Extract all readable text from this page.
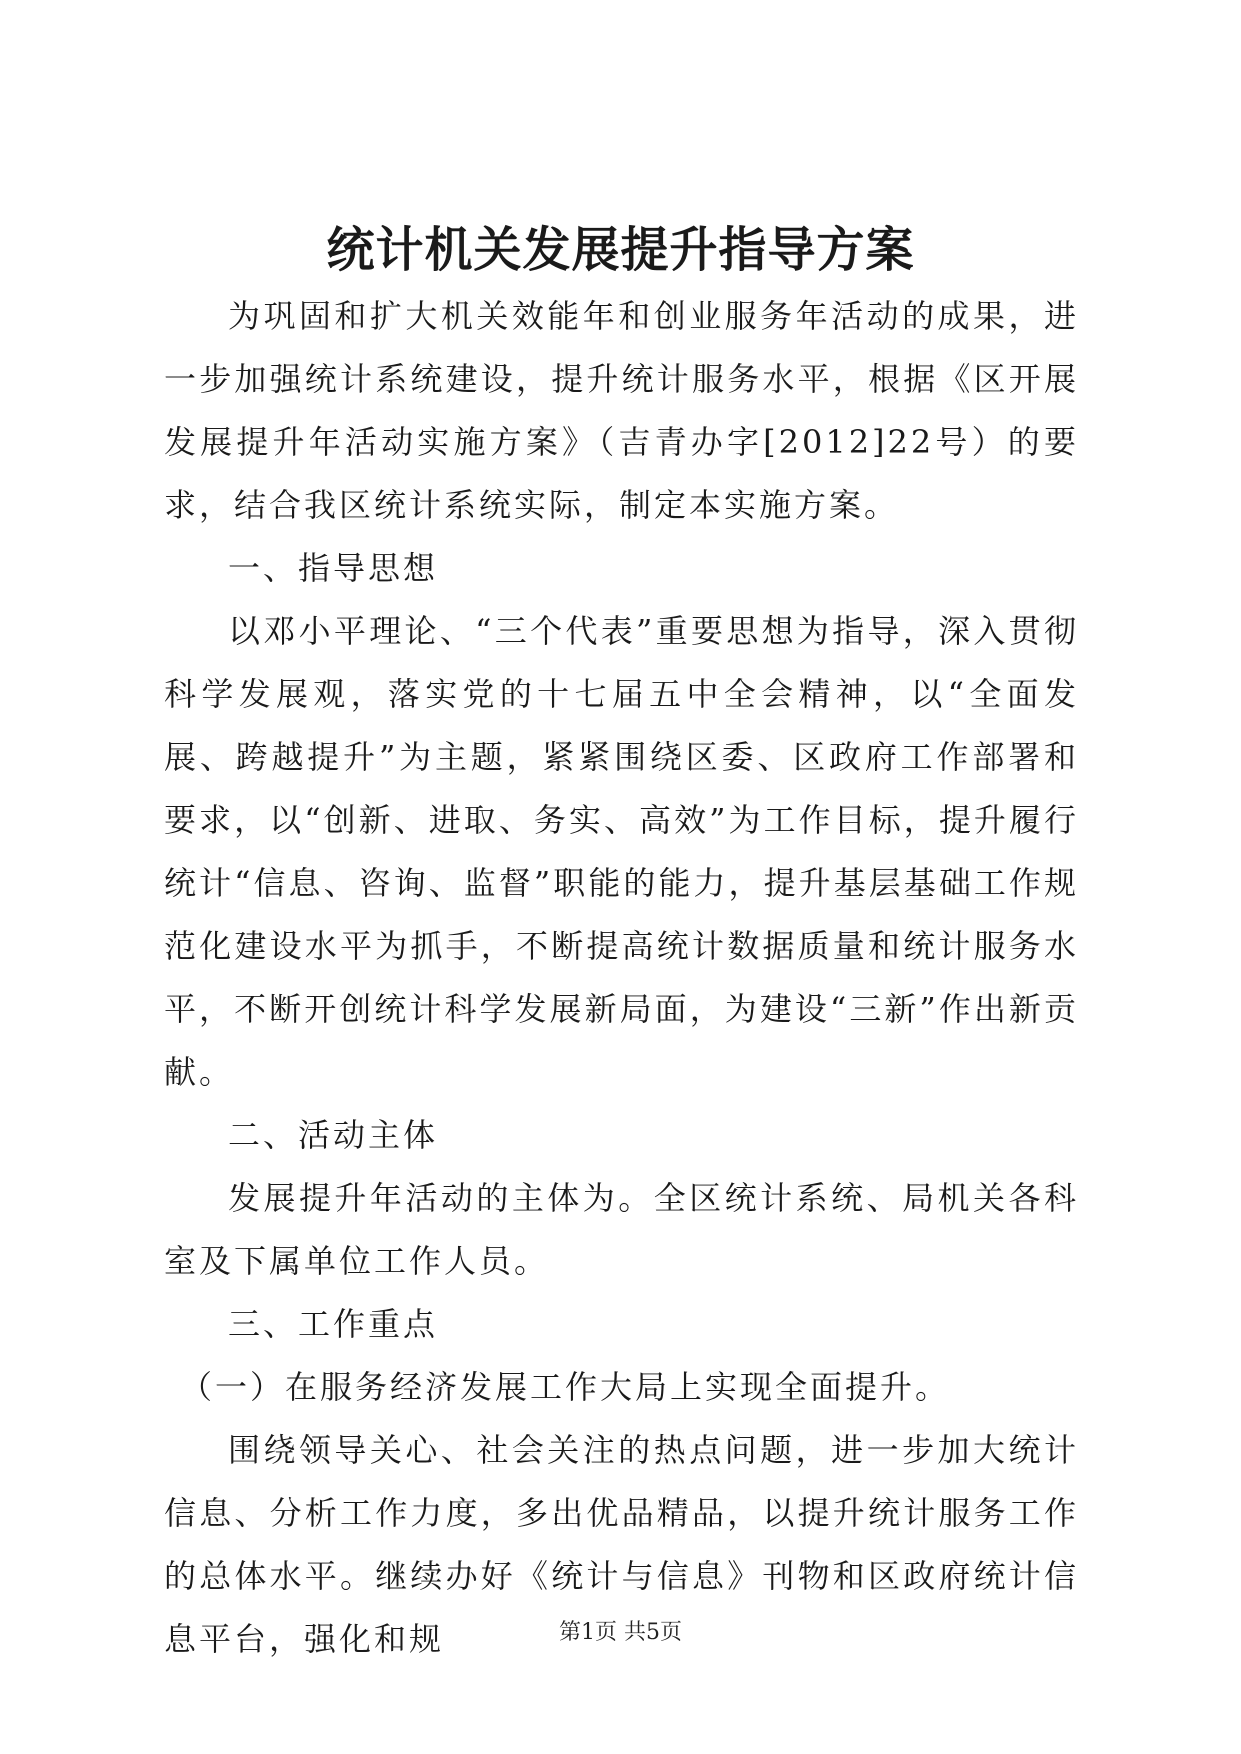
统计机关发展提升指导方案

为巩固和扩大机关效能年和创业服务年活动的成果，进一步加强统计系统建设，提升统计服务水平，根据《区开展发展提升年活动实施方案》（吉青办字[2012]22号）的要求，结合我区统计系统实际，制定本实施方案。

一、指导思想

以邓小平理论、“三个代表”重要思想为指导，深入贯彻科学发展观，落实党的十七届五中全会精神，以“全面发展、跨越提升”为主题，紧紧围绕区委、区政府工作部署和要求，以“创新、进取、务实、高效”为工作目标，提升履行统计“信息、咨询、监督”职能的能力，提升基层基础工作规范化建设水平为抓手，不断提高统计数据质量和统计服务水平，不断开创统计科学发展新局面，为建设“三新”作出新贡献。

二、活动主体

发展提升年活动的主体为。全区统计系统、局机关各科室及下属单位工作人员。

三、工作重点

（一）在服务经济发展工作大局上实现全面提升。

围绕领导关心、社会关注的热点问题，进一步加大统计信息、分析工作力度，多出优品精品，以提升统计服务工作的总体水平。继续办好《统计与信息》刊物和区政府统计信息平台，强化和规	第1页 共5页
